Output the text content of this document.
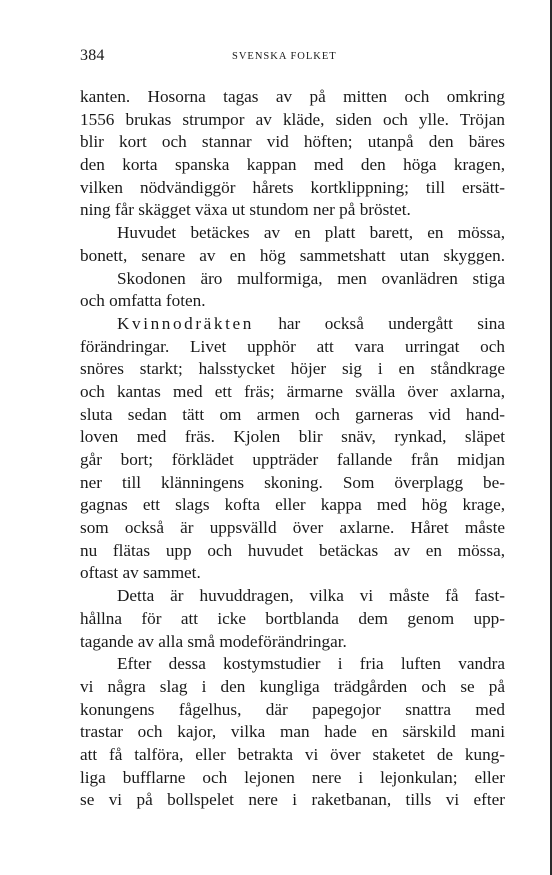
384	SVENSKA FOLKET
kanten. Hosorna tagas av på mitten och omkring
1556 brukas strumpor av kläde, siden och ylle. Tröjan
blir kort och stannar vid höften; utanpå den bäres
den korta spanska kappan med den höga kragen,
vilken nödvändiggör hårets kortklippning; till ersätt-
ning får skägget växa ut stundom ner på bröstet.
Huvudet betäckes av en platt barett, en mössa,
bonett, senare av en hög sammetshatt utan skyggen.
Skodonen äro mulformiga, men ovanlädren stiga
och omfatta foten.
Kvinnodräkten har också undergått sina
förändringar. Livet upphör att vara urringat och
snöres starkt; halsstycket höjer sig i en ståndkrage
och kantas med ett fräs; ärmarne svälla över axlarna,
sluta sedan tätt om armen och garneras vid hand-
loven med fräs. Kjolen blir snäv, rynkad, släpet
går bort; förklädet uppträder fallande från midjan
ner till klänningens skoning. Som överplagg be-
gagnas ett slags kofta eller kappa med hög krage,
som också är uppsvälld över axlarne. Håret måste
nu flätas upp och huvudet betäckas av en mössa,
oftast av sammet.
Detta är huvuddragen, vilka vi måste få fast-
hållna för att icke bortblanda dem genom upp-
tagande av alla små modeförändringar.
Efter dessa kostymstudier i fria luften vandra
vi några slag i den kungliga trädgården och se på
konungens fågelhus, där papegojor snattra med
trastar och kajor, vilka man hade en särskild mani
att få talföra, eller betrakta vi över staketet de kung-
liga bufflarne och lejonen nere i lejonkulan; eller
se vi på bollspelet nere i raketbanan, tills vi efter
